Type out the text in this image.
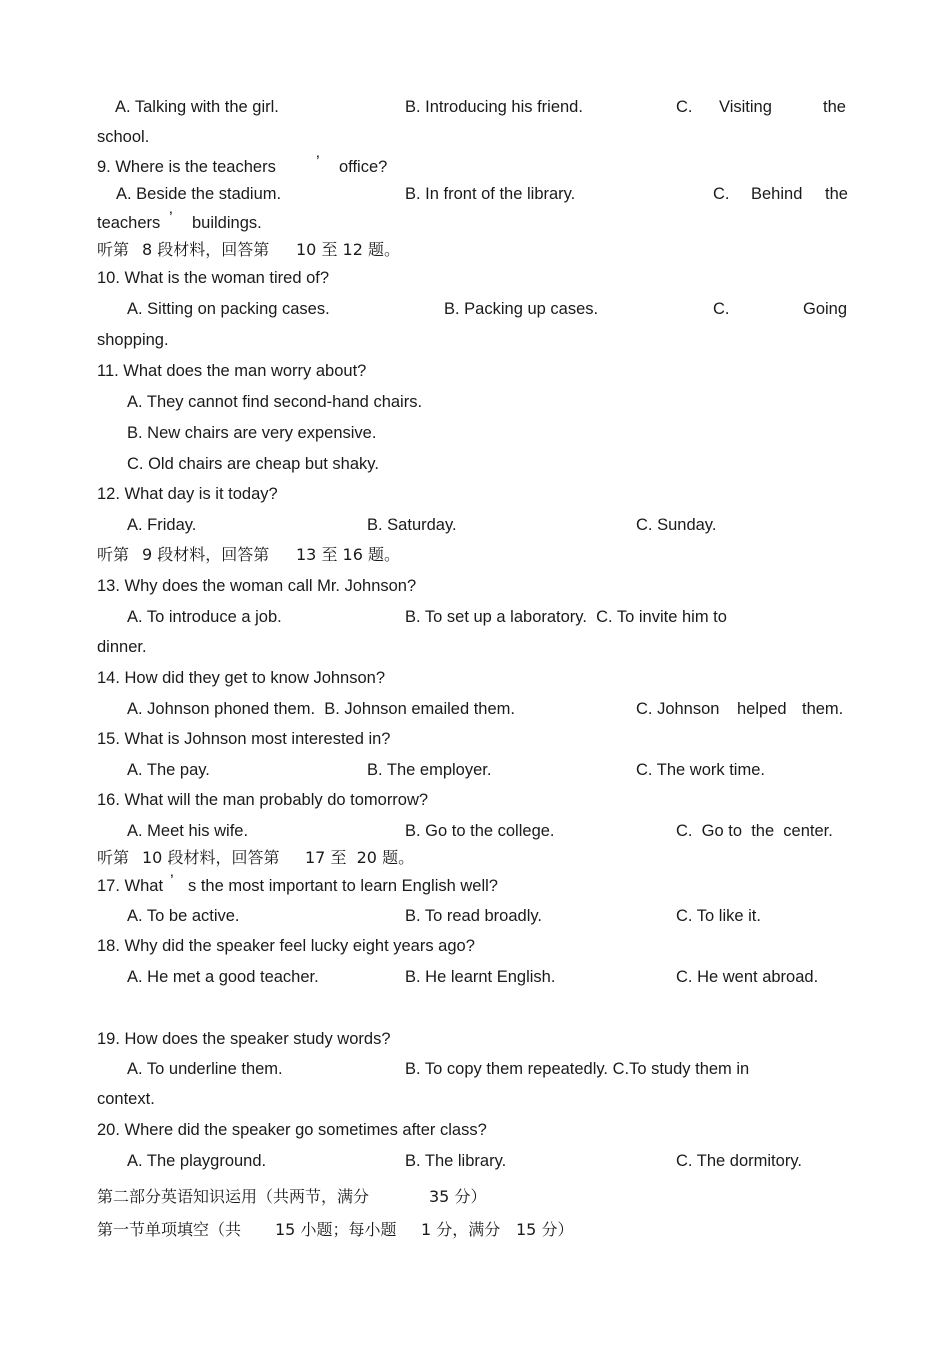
A. Talking with the girl.	B. Introducing his friend.	C. Visiting	the
school.
9. Where is the teachers ’ office?
A. Beside the stadium.	B. In front of the library.	C. Behind the
teachers ’ buildings.
听第 8 段材料，回答第 10 至 12 题。
10. What is the woman tired of?
A. Sitting on packing cases.	B. Packing up cases.	C.	Going
shopping.
11. What does the man worry about?
A. They cannot find second-hand chairs.
B. New chairs are very expensive.
C. Old chairs are cheap but shaky.
12. What day is it today?
A. Friday.	B. Saturday.	C. Sunday.
听第 9 段材料，回答第 13 至 16 题。
13. Why does the woman call Mr. Johnson?
A. To introduce a job.	B. To set up a laboratory.  C. To invite him to
dinner.
14. How did they get to know Johnson?
A. Johnson phoned them.  B. Johnson emailed them.	C. Johnson helped them.
15. What is Johnson most interested in?
A. The pay.	B. The employer.	C. The work time.
16. What will the man probably do tomorrow?
A. Meet his wife.	B. Go to the college.	C.  Go to  the  center.
听第 10 段材料，回答第 17 至  20 题。
17. What ’ s the most important to learn English well?
A. To be active.	B. To read broadly.	C. To like it.
18. Why did the speaker feel lucky eight years ago?
A. He met a good teacher.	B. He learnt English.	C. He went abroad.
19. How does the speaker study words?
A. To underline them.	B. To copy them repeatedly. C.To study them in
context.
20. Where did the speaker go sometimes after class?
A. The playground.	B. The library.	C. The dormitory.
第二部分英语知识运用（共两节，满分	35 分）
第一节单项填空（共 15 小题；每小题 1 分，满分 15 分）
